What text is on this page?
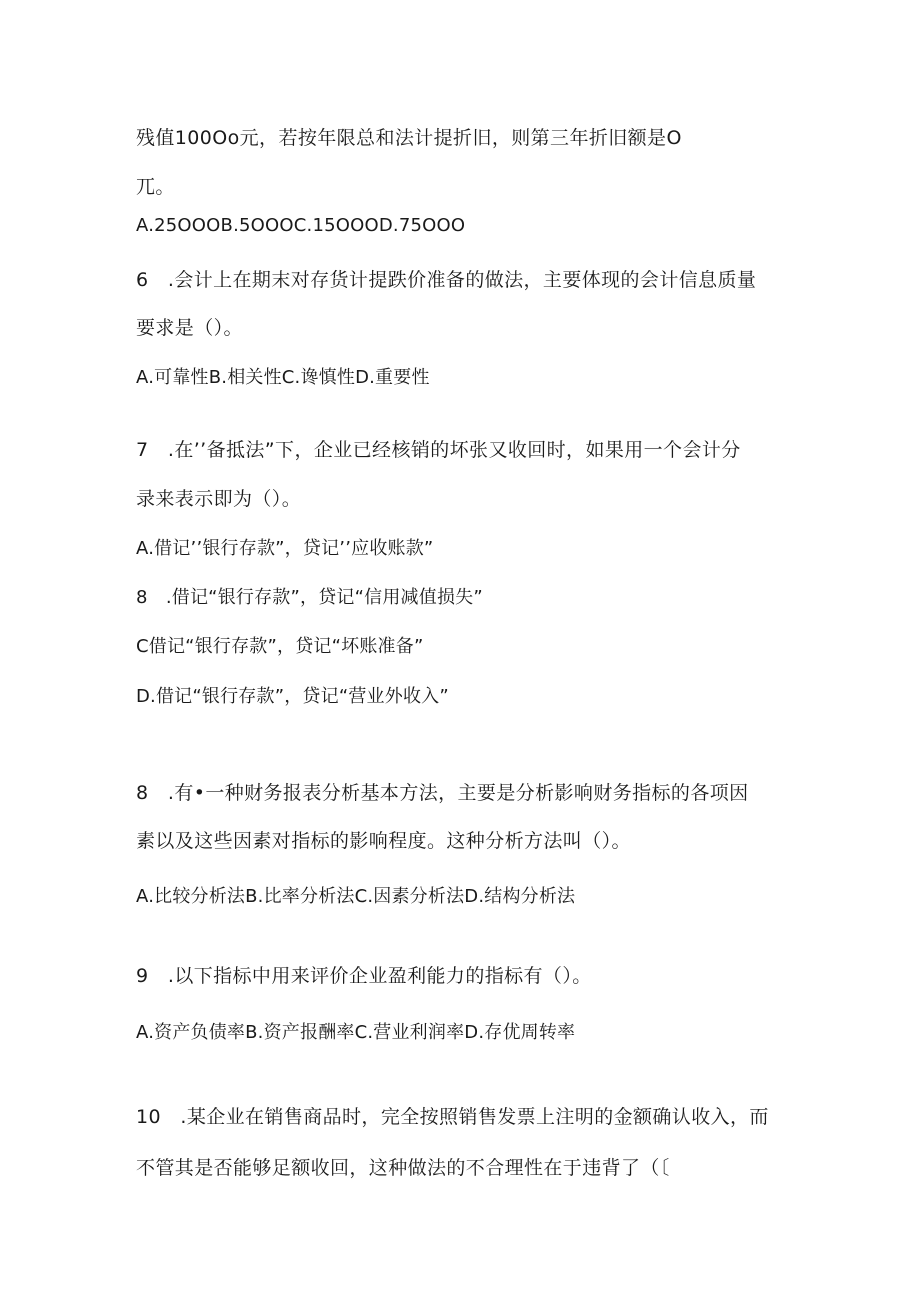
残值100Oo元，若按年限总和法计提折旧，则第三年折旧额是O
兀。
A.25OOOB.5OOOC.15OOOD.75OOO
6　.会计上在期末对存货计提跌价准备的做法，主要体现的会计信息质量
要求是（）。
A.可靠性B.相关性C.谗慎性D.重要性
7　.在’’备抵法”下，企业已经核销的坏张又收回时，如果用一个会计分
录来表示即为（）。
A.借记’’银行存款”，贷记’’应收账款”
8　.借记“银行存款”，贷记“信用减值损失”
C借记“银行存款”，贷记“坏账准备”
D.借记“银行存款”，贷记“营业外收入”
8　.有•一种财务报表分析基本方法，主要是分析影响财务指标的各项因
素以及这些因素对指标的影响程度。这种分析方法叫（）。
A.比较分析法B.比率分析法C.因素分析法D.结构分析法
9　.以下指标中用来评价企业盈利能力的指标有（）。
A.资产负债率B.资产报酬率C.营业利润率D.存优周转率
10　.某企业在销售商品时，完全按照销售发票上注明的金额确认收入，而
不管其是否能够足额收回，这种做法的不合理性在于违背了（〔
